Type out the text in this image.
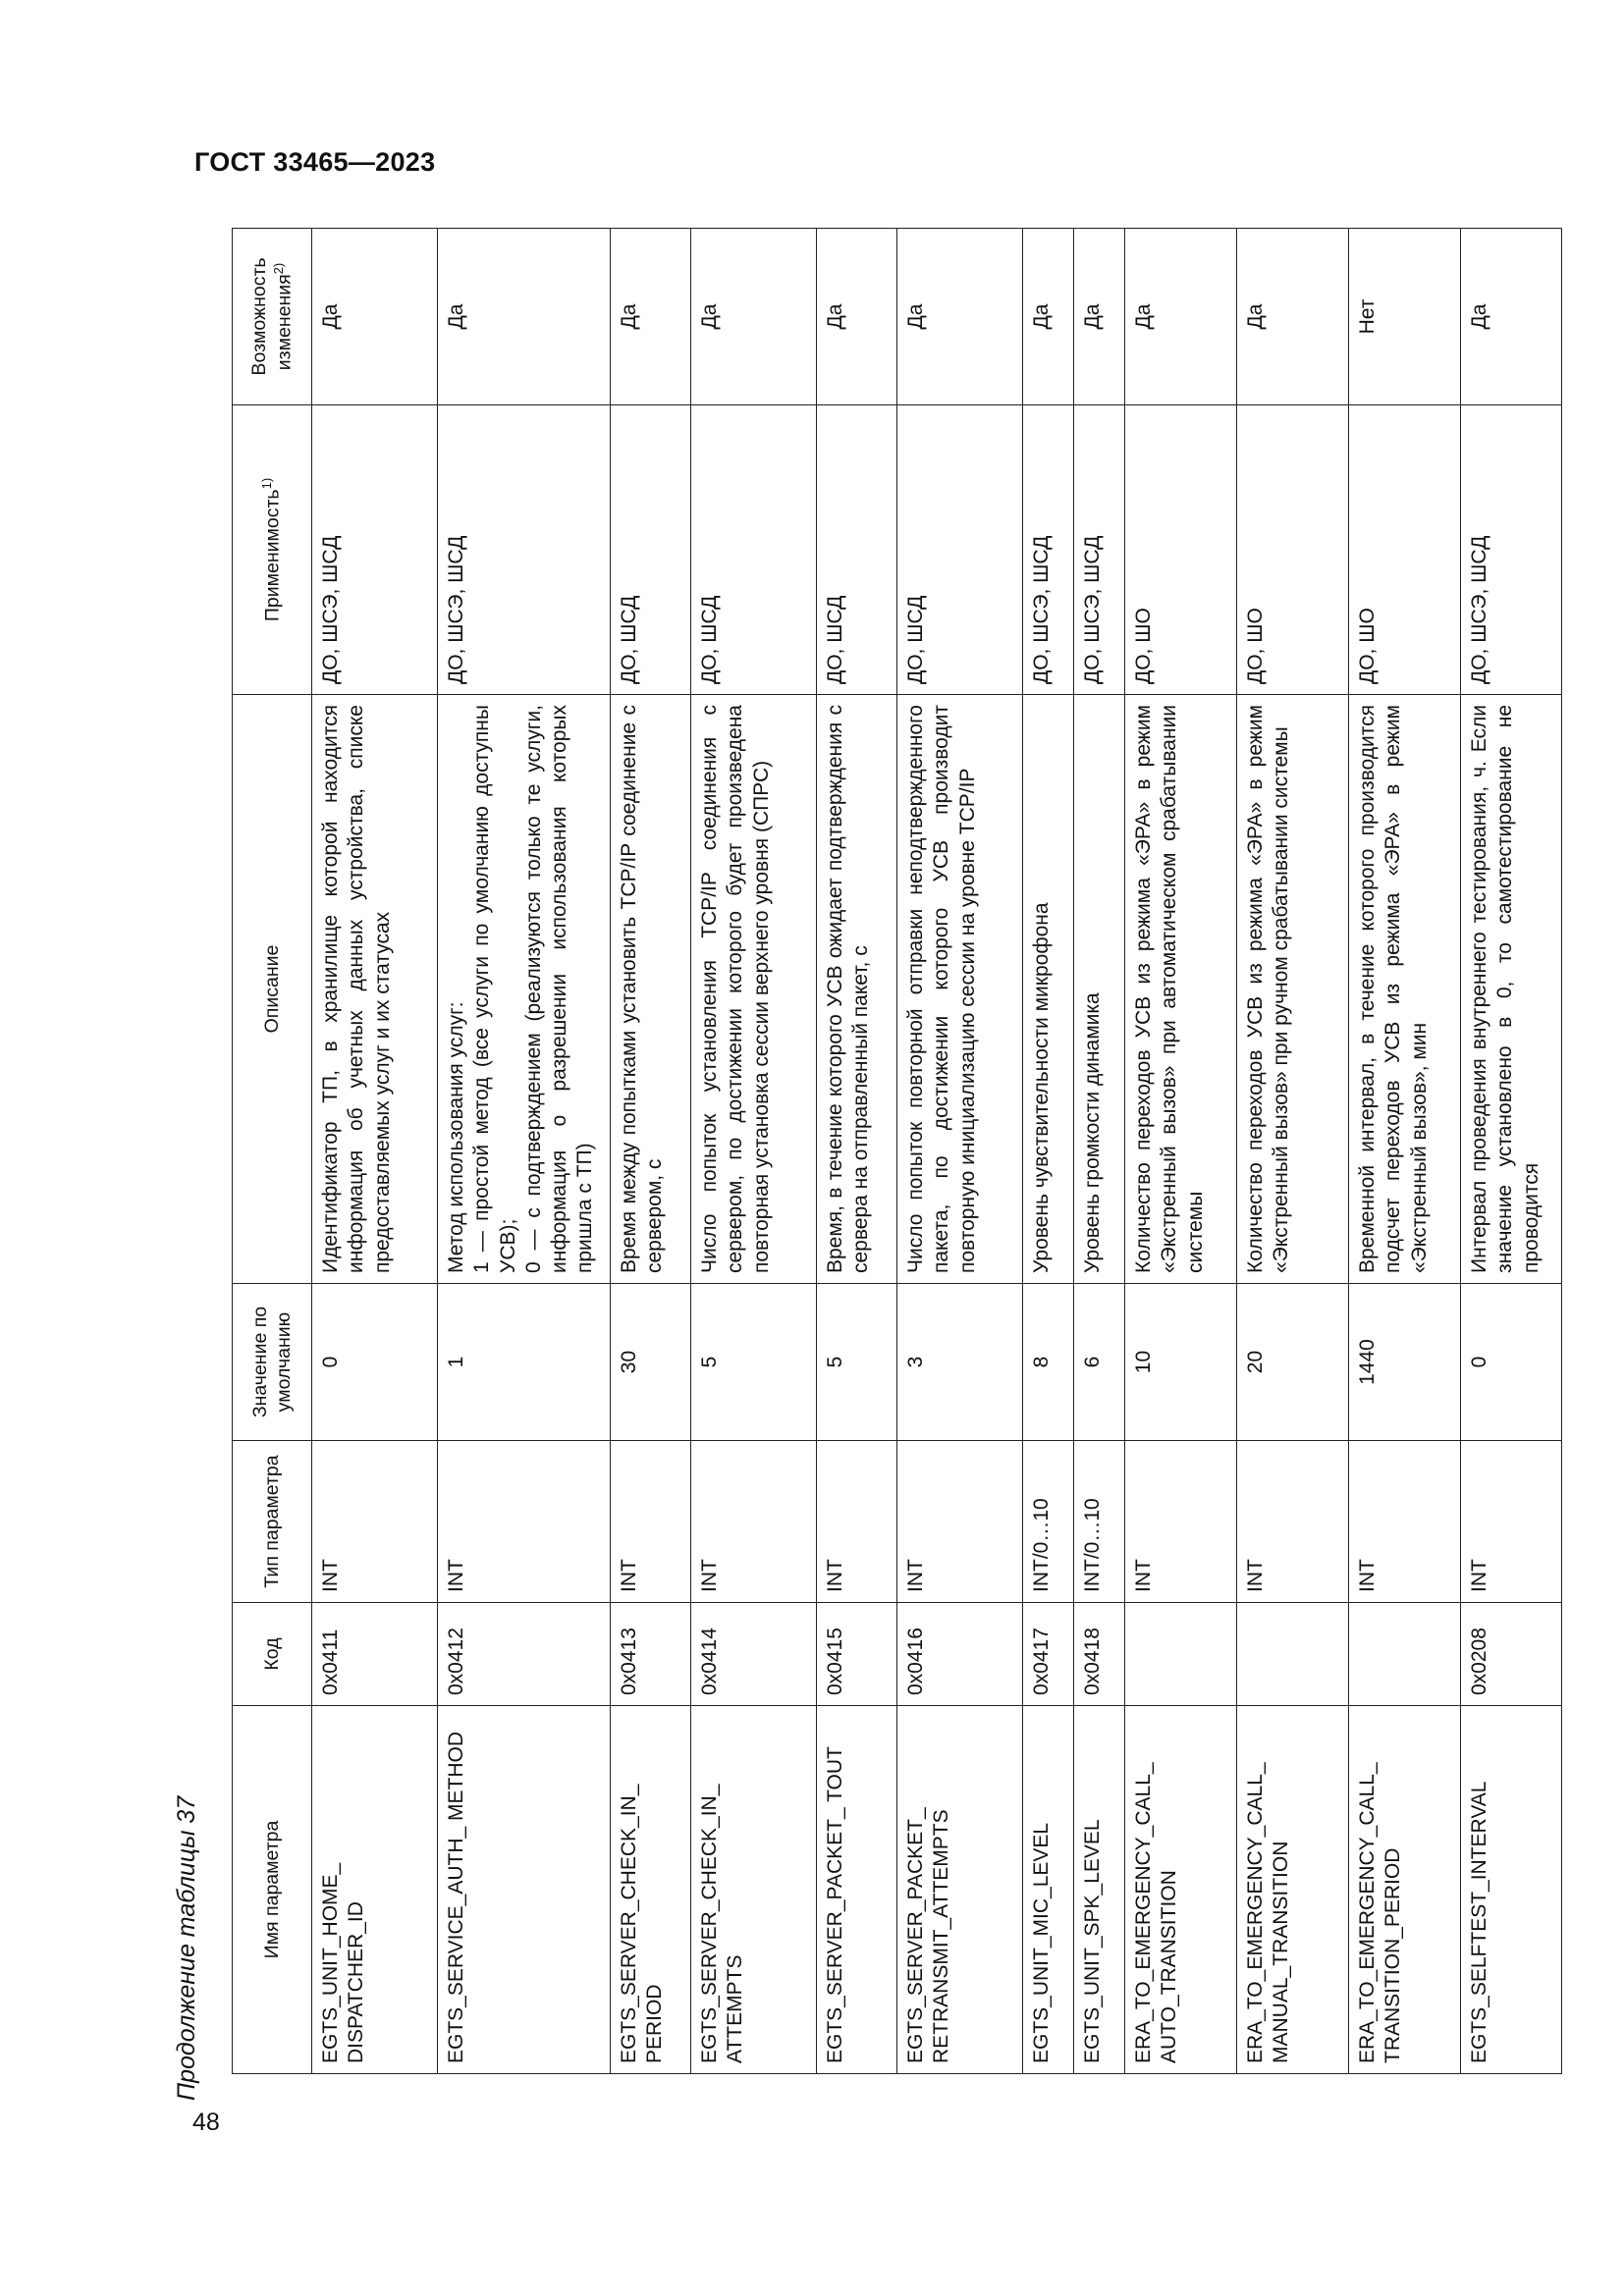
ГОСТ 33465—2023
Продолжение таблицы 37
48
Имя параметра	Код	Тип параметра	Значение по умолчанию	Описание	Применимость$^{1)}$	Возможность изменения$^{2)}$
EGTS_UNIT_HOME_ DISPATCHER_ID	0x0411	INT	0	Идентификатор ТП, в хранилище которой находится информация об учетных данных устройства, списке предоставляемых услуг и их статусах	ДО, ШСЭ, ШСД	Да
EGTS_SERVICE_AUTH_ METHOD	0x0412	INT	1	Метод использования услуг:
1 — простой метод (все услуги по умолчанию доступны УСВ);
0 — с подтверждением (реализуются только те услуги, информация о разрешении использования которых пришла с ТП)	ДО, ШСЭ, ШСД	Да
EGTS_SERVER_CHECK_IN_ PERIOD	0x0413	INT	30	Время между попытками установить TCP/IP соединение с сервером, с	ДО, ШСД	Да
EGTS_SERVER_CHECK_IN_ ATTEMPTS	0x0414	INT	5	Число попыток установления TCP/IP соединения с сервером, по достижении которого будет произведена повторная установка сессии верхнего уровня (СПРС)	ДО, ШСД	Да
EGTS_SERVER_PACKET_ TOUT	0x0415	INT	5	Время, в течение которого УСВ ожидает подтверждения с сервера на отправленный пакет, с	ДО, ШСД	Да
EGTS_SERVER_PACKET_ RETRANSMIT_ATTEMPTS	0x0416	INT	3	Число попыток повторной отправки неподтвержденного пакета, по достижении которого УСВ производит повторную инициализацию сессии на уровне TCP/IP	ДО, ШСД	Да
EGTS_UNIT_MIC_LEVEL	0x0417	INT/0…10	8	Уровень чувствительности микрофона	ДО, ШСЭ, ШСД	Да
EGTS_UNIT_SPK_LEVEL	0x0418	INT/0…10	6	Уровень громкости динамика	ДО, ШСЭ, ШСД	Да
ERA_TO_EMERGENCY_CALL_ AUTO_TRANSITION		INT	10	Количество переходов УСВ из режима «ЭРА» в режим «Экстренный вызов» при автоматическом срабатывании системы	ДО, ШО	Да
ERA_TO_EMERGENCY_CALL_ MANUAL_TRANSITION		INT	20	Количество переходов УСВ из режима «ЭРА» в режим «Экстренный вызов» при ручном срабатывании системы	ДО, ШО	Да
ERA_TO_EMERGENCY_CALL_ TRANSITION_PERIOD		INT	1440	Временной интервал, в течение которого производится подсчет переходов УСВ из режима «ЭРА» в режим «Экстренный вызов», мин	ДО, ШО	Нет
EGTS_SELFTEST_INTERVAL	0x0208	INT	0	Интервал проведения внутреннего тестирования, ч. Если значение установлено в 0, то самотестирование не проводится	ДО, ШСЭ, ШСД	Да
